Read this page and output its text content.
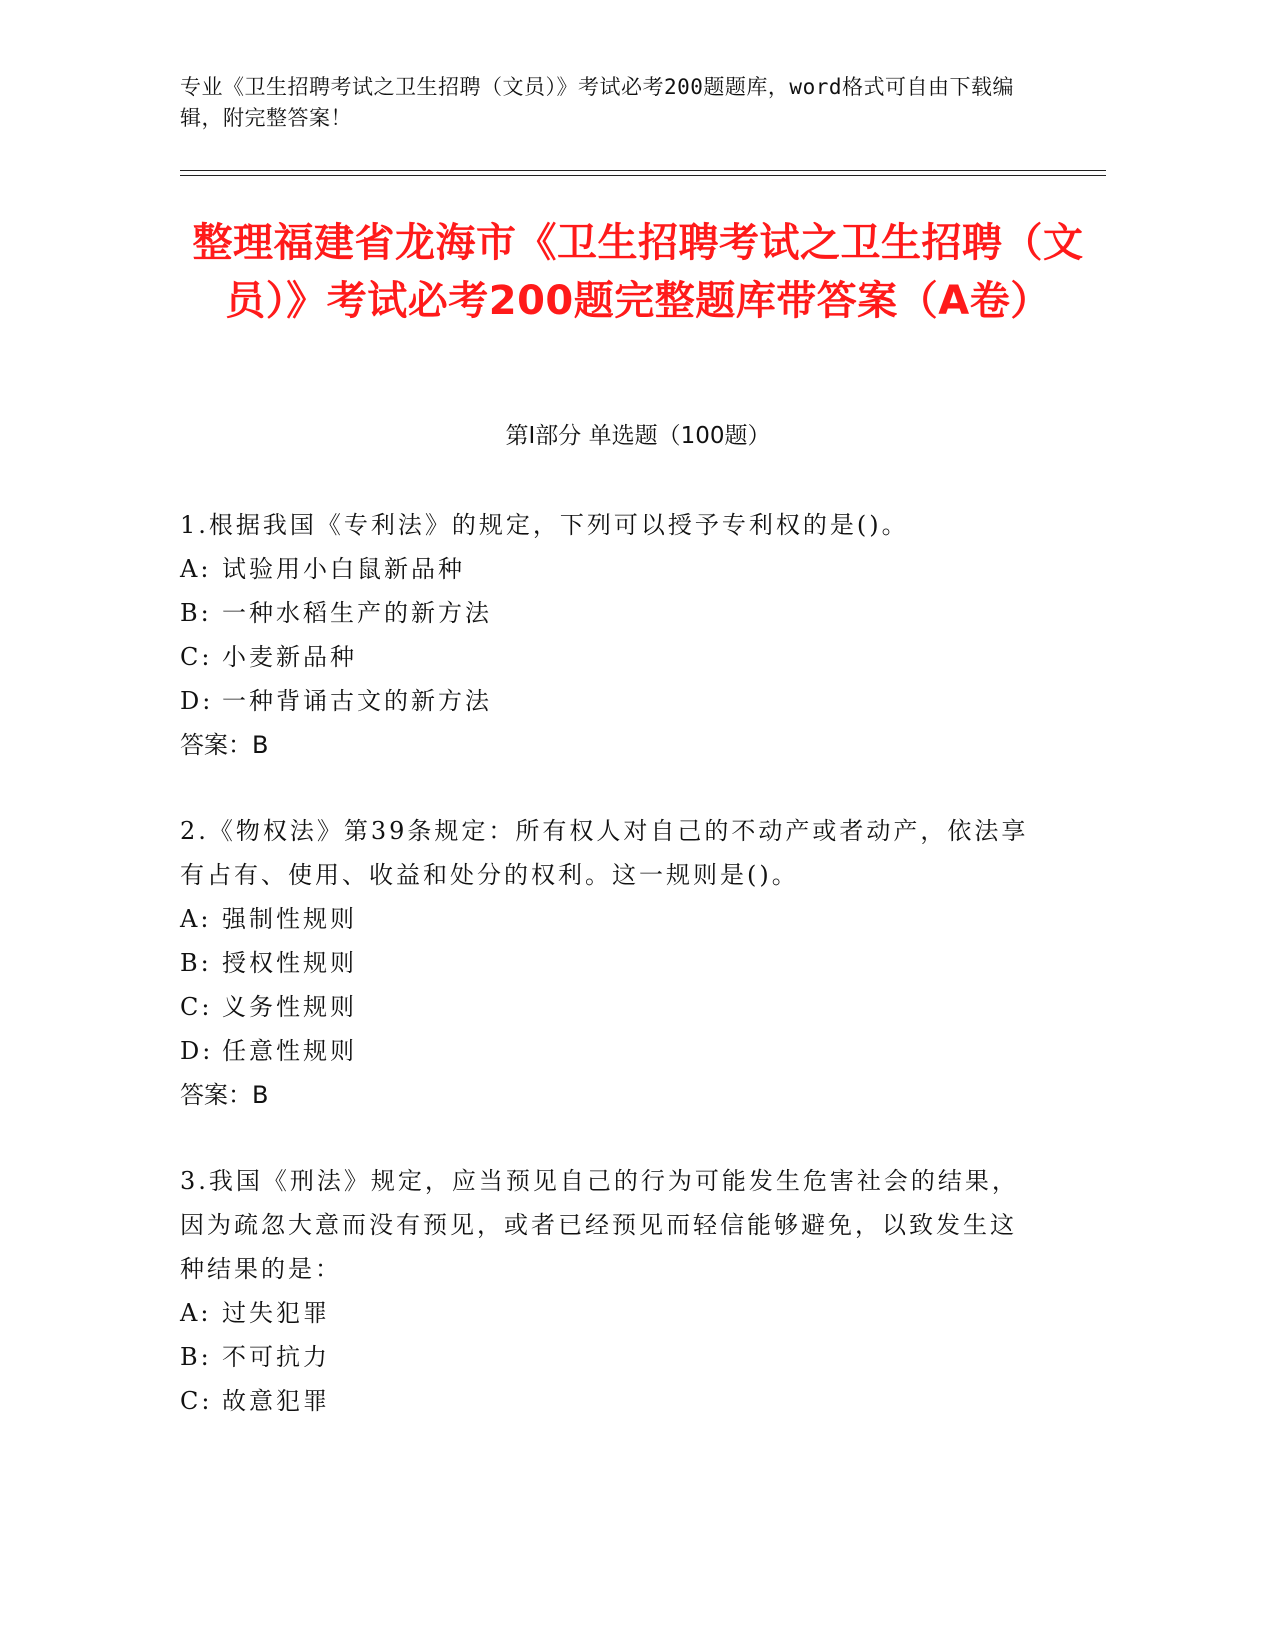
专业《卫生招聘考试之卫生招聘（文员）》考试必考200题题库，word格式可自由下载编辑，附完整答案！
整理福建省龙海市《卫生招聘考试之卫生招聘（文员）》考试必考200题完整题库带答案（A卷）
第Ⅰ部分 单选题（100题）

1.根据我国《专利法》的规定，下列可以授予专利权的是()。

A: 试验用小白鼠新品种
B: 一种水稻生产的新方法
C: 小麦新品种
D: 一种背诵古文的新方法
答案：B

2.《物权法》第39条规定：所有权人对自己的不动产或者动产，依法享有占有、使用、收益和处分的权利。这一规则是()。

A: 强制性规则
B: 授权性规则
C: 义务性规则
D: 任意性规则
答案：B

3.我国《刑法》规定，应当预见自己的行为可能发生危害社会的结果，因为疏忽大意而没有预见，或者已经预见而轻信能够避免，以致发生这种结果的是：

A: 过失犯罪
B: 不可抗力
C: 故意犯罪
